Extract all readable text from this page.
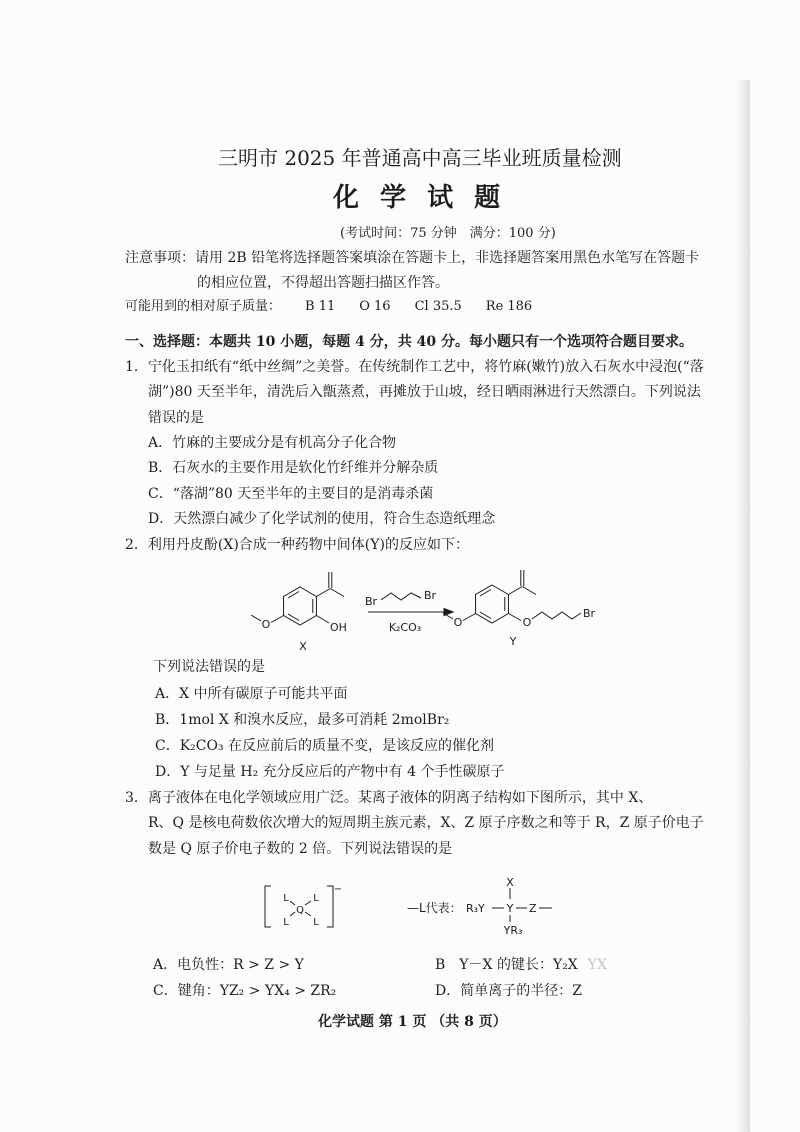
三明市 2025 年普通高中高三毕业班质量检测
化 学 试 题
(考试时间：75 分钟　满分：100 分)
注意事项：请用 2B 铅笔将选择题答案填涂在答题卡上，非选择题答案用黑色水笔写在答题卡
的相应位置，不得超出答题扫描区作答。
可能用到的相对原子质量： B 11 O 16 Cl 35.5 Re 186
一、选择题：本题共 10 小题，每题 4 分，共 40 分。每小题只有一个选项符合题目要求。
1．宁化玉扣纸有“纸中丝绸”之美誉。在传统制作工艺中，将竹麻(嫩竹)放入石灰水中浸泡(“落
湖”)80 天至半年，清洗后入甑蒸煮，再摊放于山坡，经日晒雨淋进行天然漂白。下列说法
错误的是
A．竹麻的主要成分是有机高分子化合物
B．石灰水的主要作用是软化竹纤维并分解杂质
C．“落湖”80 天至半年的主要目的是消毒杀菌
D．天然漂白减少了化学试剂的使用，符合生态造纸理念
2．利用丹皮酚(X)合成一种药物中间体(Y)的反应如下：
OH
O
X
Br	Br
K₂CO₃	O
Br
O
Y
下列说法错误的是
A．X 中所有碳原子可能共平面
B．1mol X 和溴水反应，最多可消耗 2molBr₂
C．K₂CO₃ 在反应前后的质量不变，是该反应的催化剂
D．Y 与足量 H₂ 充分反应后的产物中有 4 个手性碳原子
3．离子液体在电化学领域应用广泛。某离子液体的阴离子结构如下图所示，其中 X、
R、Q 是核电荷数依次增大的短周期主族元素，X、Z 原子序数之和等于 R，Z 原子价电子
数是 Q 原子价电子数的 2 倍。下列说法错误的是
−
Q
L L
L L
—L代表： R₃Y Y Z
X
YR₃
A．电负性：R > Z > Y	B　Y－X 的键长：Y₂X YX
C．键角：YZ₂ > YX₄ > ZR₂	D．简单离子的半径：Z
化学试题 第 1 页 （共 8 页）
